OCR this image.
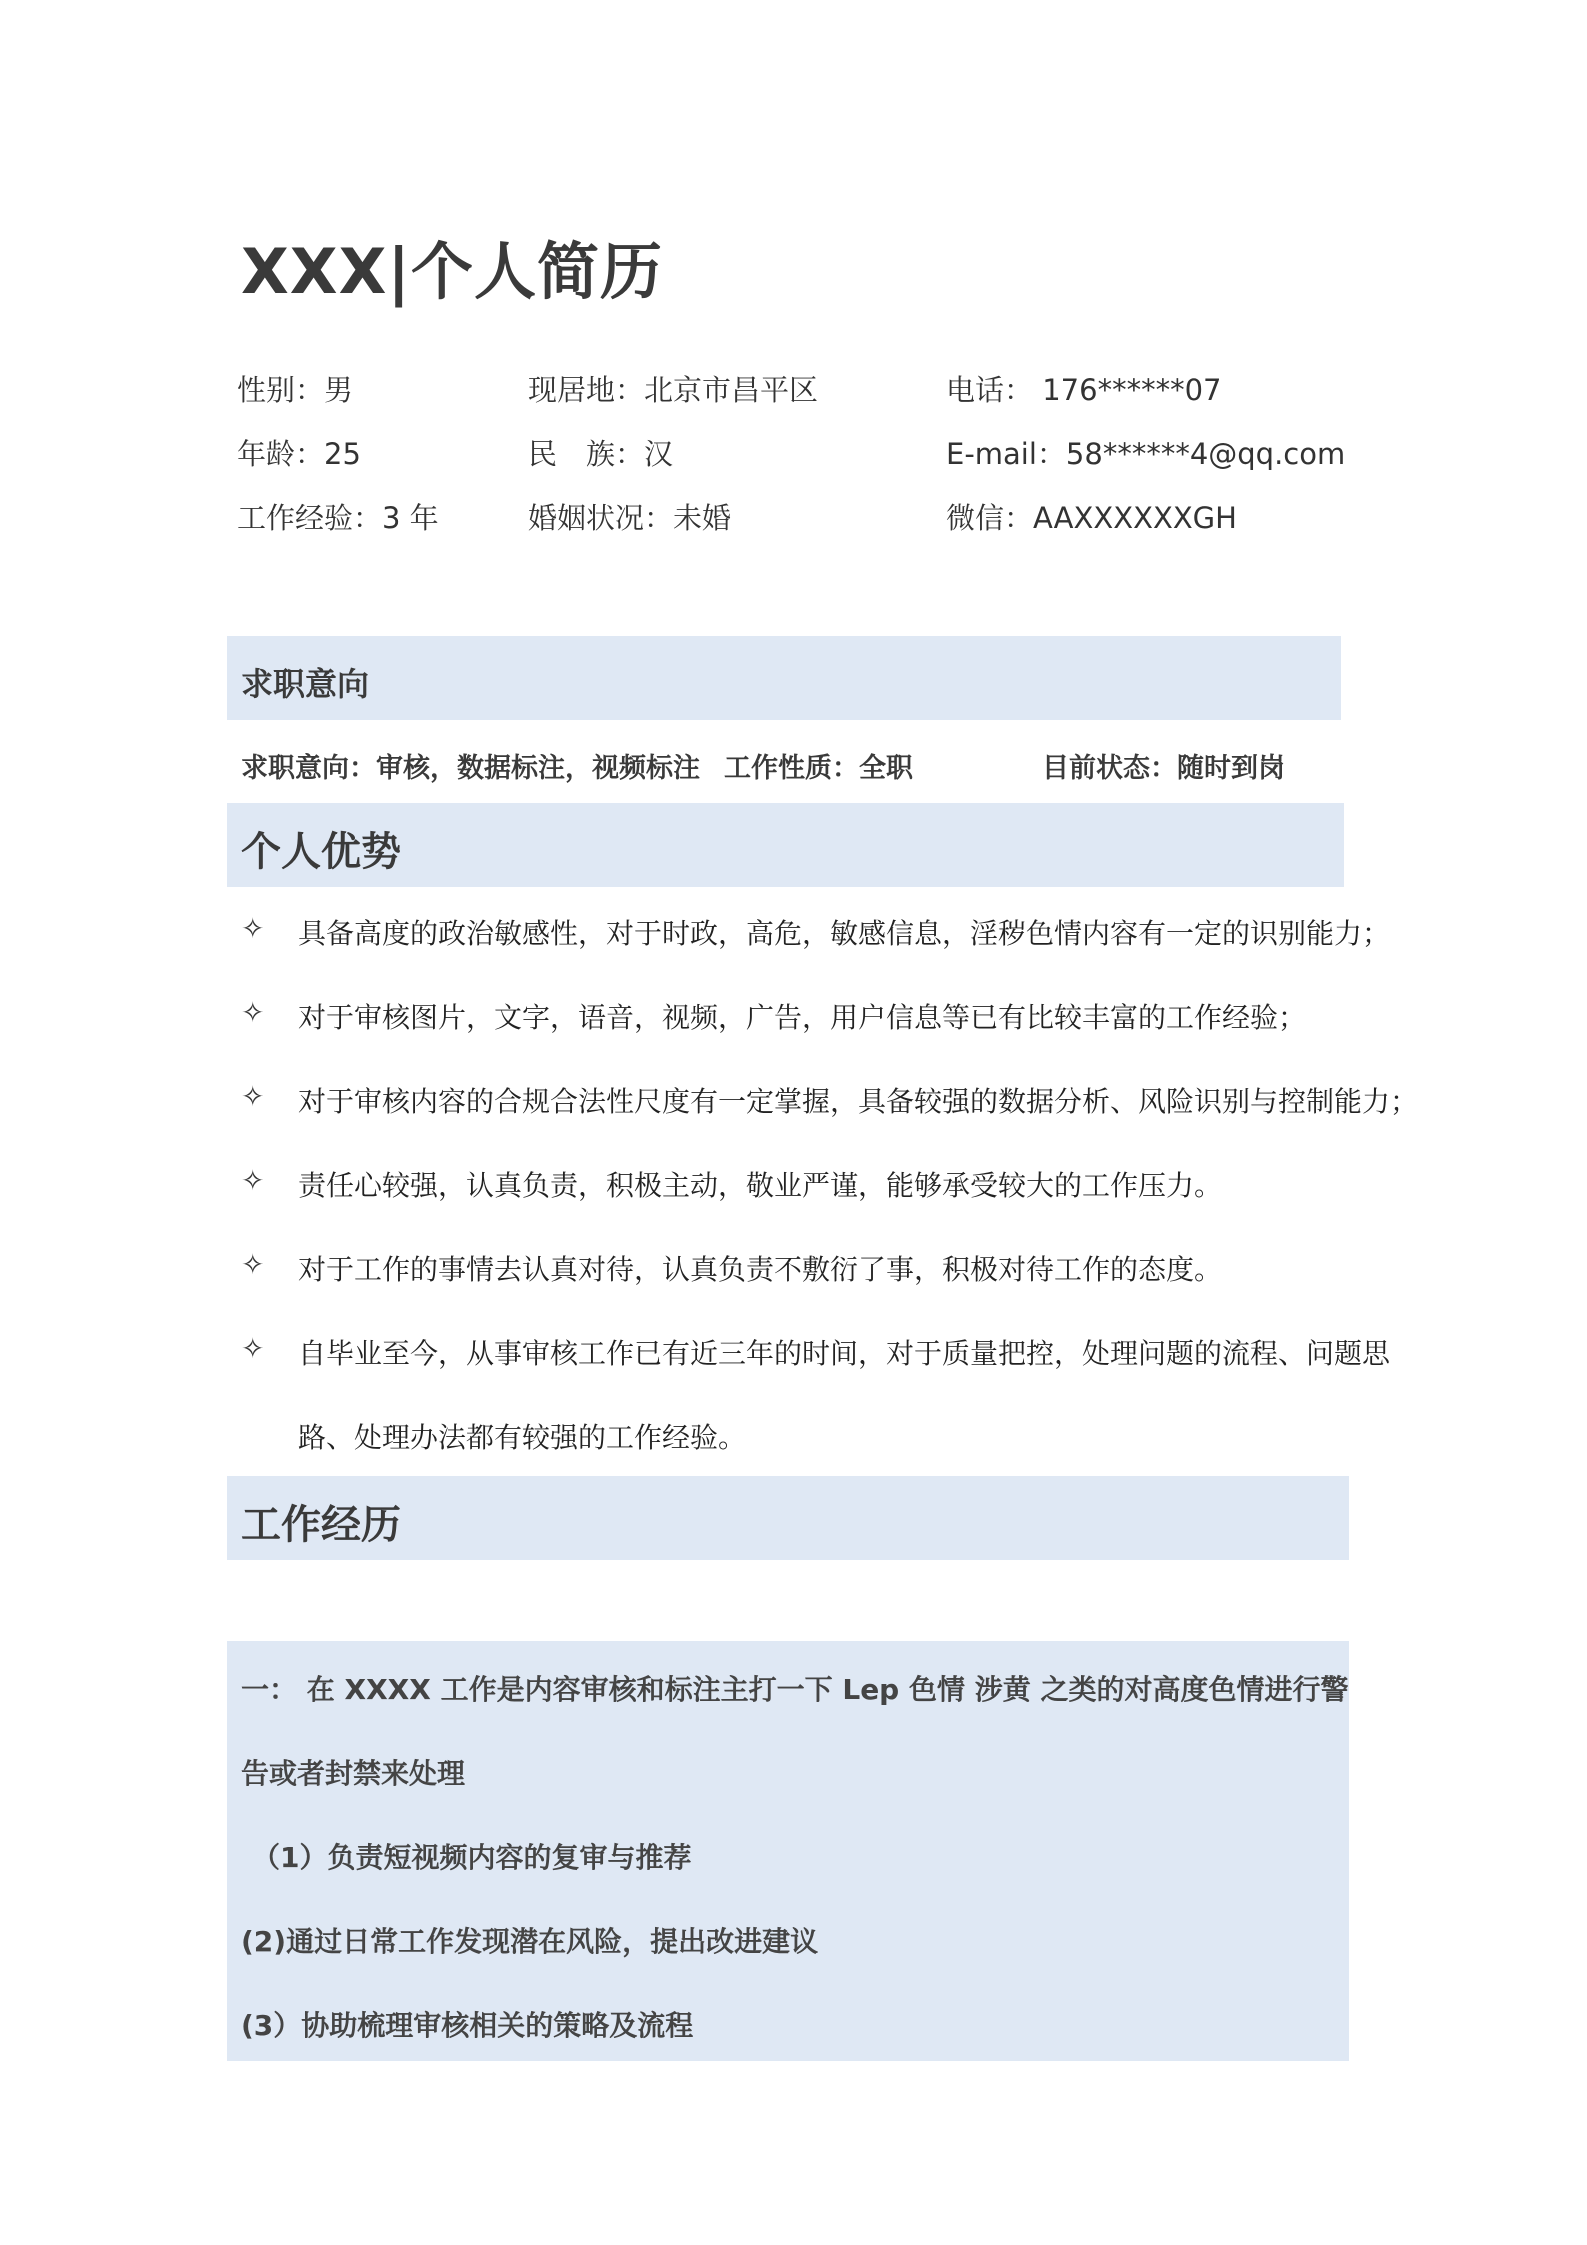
XXX|个人简历
性别：男
年龄：25
工作经验：3 年
现居地：北京市昌平区
民　族：汉
婚姻状况：未婚
电话： 176******07
E-mail：58******4@qq.com
微信：AAXXXXXXGH
求职意向
求职意向：审核，数据标注，视频标注 工作性质：全职	目前状态：随时到岗
个人优势
✧ 具备高度的政治敏感性，对于时政，高危，敏感信息，淫秽色情内容有一定的识别能力；
✧ 对于审核图片，文字，语音，视频，广告，用户信息等已有比较丰富的工作经验；
✧ 对于审核内容的合规合法性尺度有一定掌握，具备较强的数据分析、风险识别与控制能力；
✧ 责任心较强，认真负责，积极主动，敬业严谨，能够承受较大的工作压力。
✧ 对于工作的事情去认真对待，认真负责不敷衍了事，积极对待工作的态度。
✧ 自毕业至今，从事审核工作已有近三年的时间，对于质量把控，处理问题的流程、问题思
路、处理办法都有较强的工作经验。
工作经历
一： 在 XXXX 工作是内容审核和标注主打一下 Lep 色情 涉黄 之类的对高度色情进行警
告或者封禁来处理
（1）负责短视频内容的复审与推荐
(2)通过日常工作发现潜在风险，提出改进建议
(3）协助梳理审核相关的策略及流程
